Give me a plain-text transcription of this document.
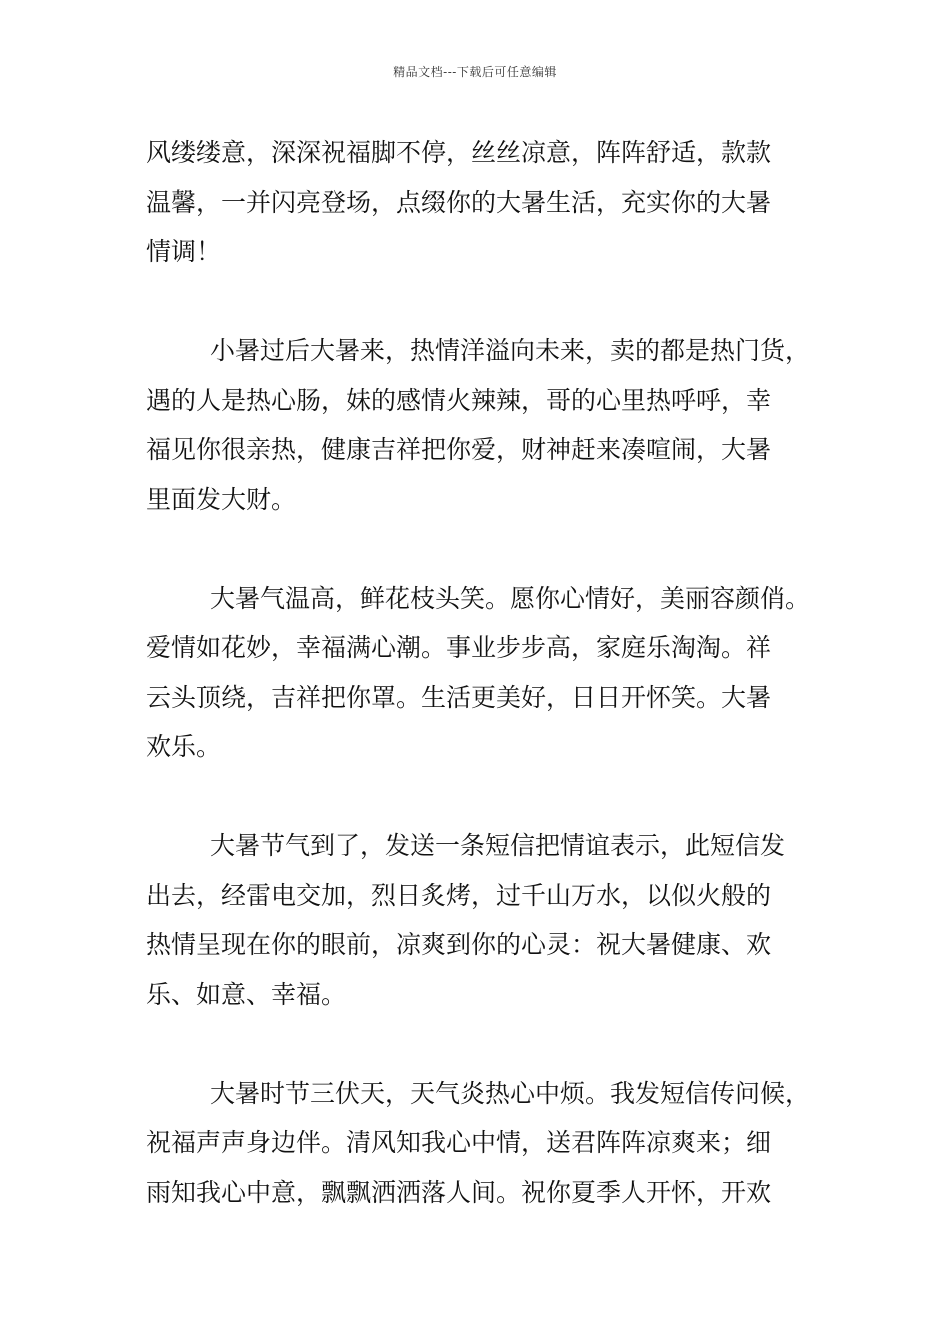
精品文档---下载后可任意编辑
风缕缕意，深深祝福脚不停，丝丝凉意，阵阵舒适，款款
温馨，一并闪亮登场，点缀你的大暑生活，充实你的大暑
情调！
小暑过后大暑来，热情洋溢向未来，卖的都是热门货，
遇的人是热心肠，妹的感情火辣辣，哥的心里热呼呼，幸
福见你很亲热，健康吉祥把你爱，财神赶来凑喧闹，大暑
里面发大财。
大暑气温高，鲜花枝头笑。愿你心情好，美丽容颜俏。
爱情如花妙，幸福满心潮。事业步步高，家庭乐淘淘。祥
云头顶绕，吉祥把你罩。生活更美好，日日开怀笑。大暑
欢乐。
大暑节气到了，发送一条短信把情谊表示，此短信发
出去，经雷电交加，烈日炙烤，过千山万水，以似火般的
热情呈现在你的眼前，凉爽到你的心灵：祝大暑健康、欢
乐、如意、幸福。
大暑时节三伏天，天气炎热心中烦。我发短信传问候，
祝福声声身边伴。清风知我心中情，送君阵阵凉爽来；细
雨知我心中意，飘飘洒洒落人间。祝你夏季人开怀，开欢
